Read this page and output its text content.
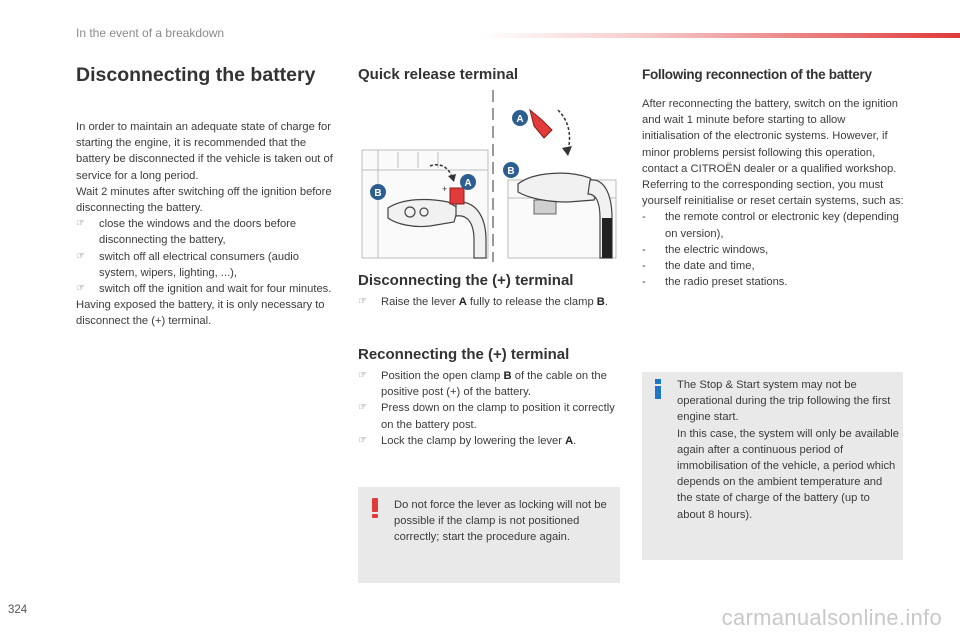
In the event of a breakdown
Disconnecting the battery

In order to maintain an adequate state of charge for starting the engine, it is recommended that the battery be disconnected if the vehicle is taken out of service for a long period.

Wait 2 minutes after switching off the ignition before disconnecting the battery.

☞	close the windows and the doors before disconnecting the battery,
☞	switch off all electrical consumers (audio system, wipers, lighting, ...),
☞	switch off the ignition and wait for four minutes.

Having exposed the battery, it is only necessary to disconnect the (+) terminal.

Quick release terminal
+ A
B
A
B
Disconnecting the (+) terminal
☞	Raise the lever A fully to release the clamp B.
Reconnecting the (+) terminal
☞	Position the open clamp B of the cable on the positive post (+) of the battery.
☞	Press down on the clamp to position it correctly on the battery post.
☞	Lock the clamp by lowering the lever A.
Do not force the lever as locking will not be possible if the clamp is not positioned correctly; start the procedure again.
Following reconnection of the battery

After reconnecting the battery, switch on the ignition and wait 1 minute before starting to allow initialisation of the electronic systems. However, if minor problems persist following this operation, contact a CITROËN dealer or a qualified workshop.

Referring to the corresponding section, you must yourself reinitialise or reset certain systems, such as:

- the remote control or electronic key (depending on version),
- the electric windows,
- the date and time,
- the radio preset stations.

The Stop & Start system may not be operational during the trip following the first engine start.

In this case, the system will only be available again after a continuous period of immobilisation of the vehicle, a period which depends on the ambient temperature and the state of charge of the battery (up to about 8 hours).

324	carmanualsonline.info
